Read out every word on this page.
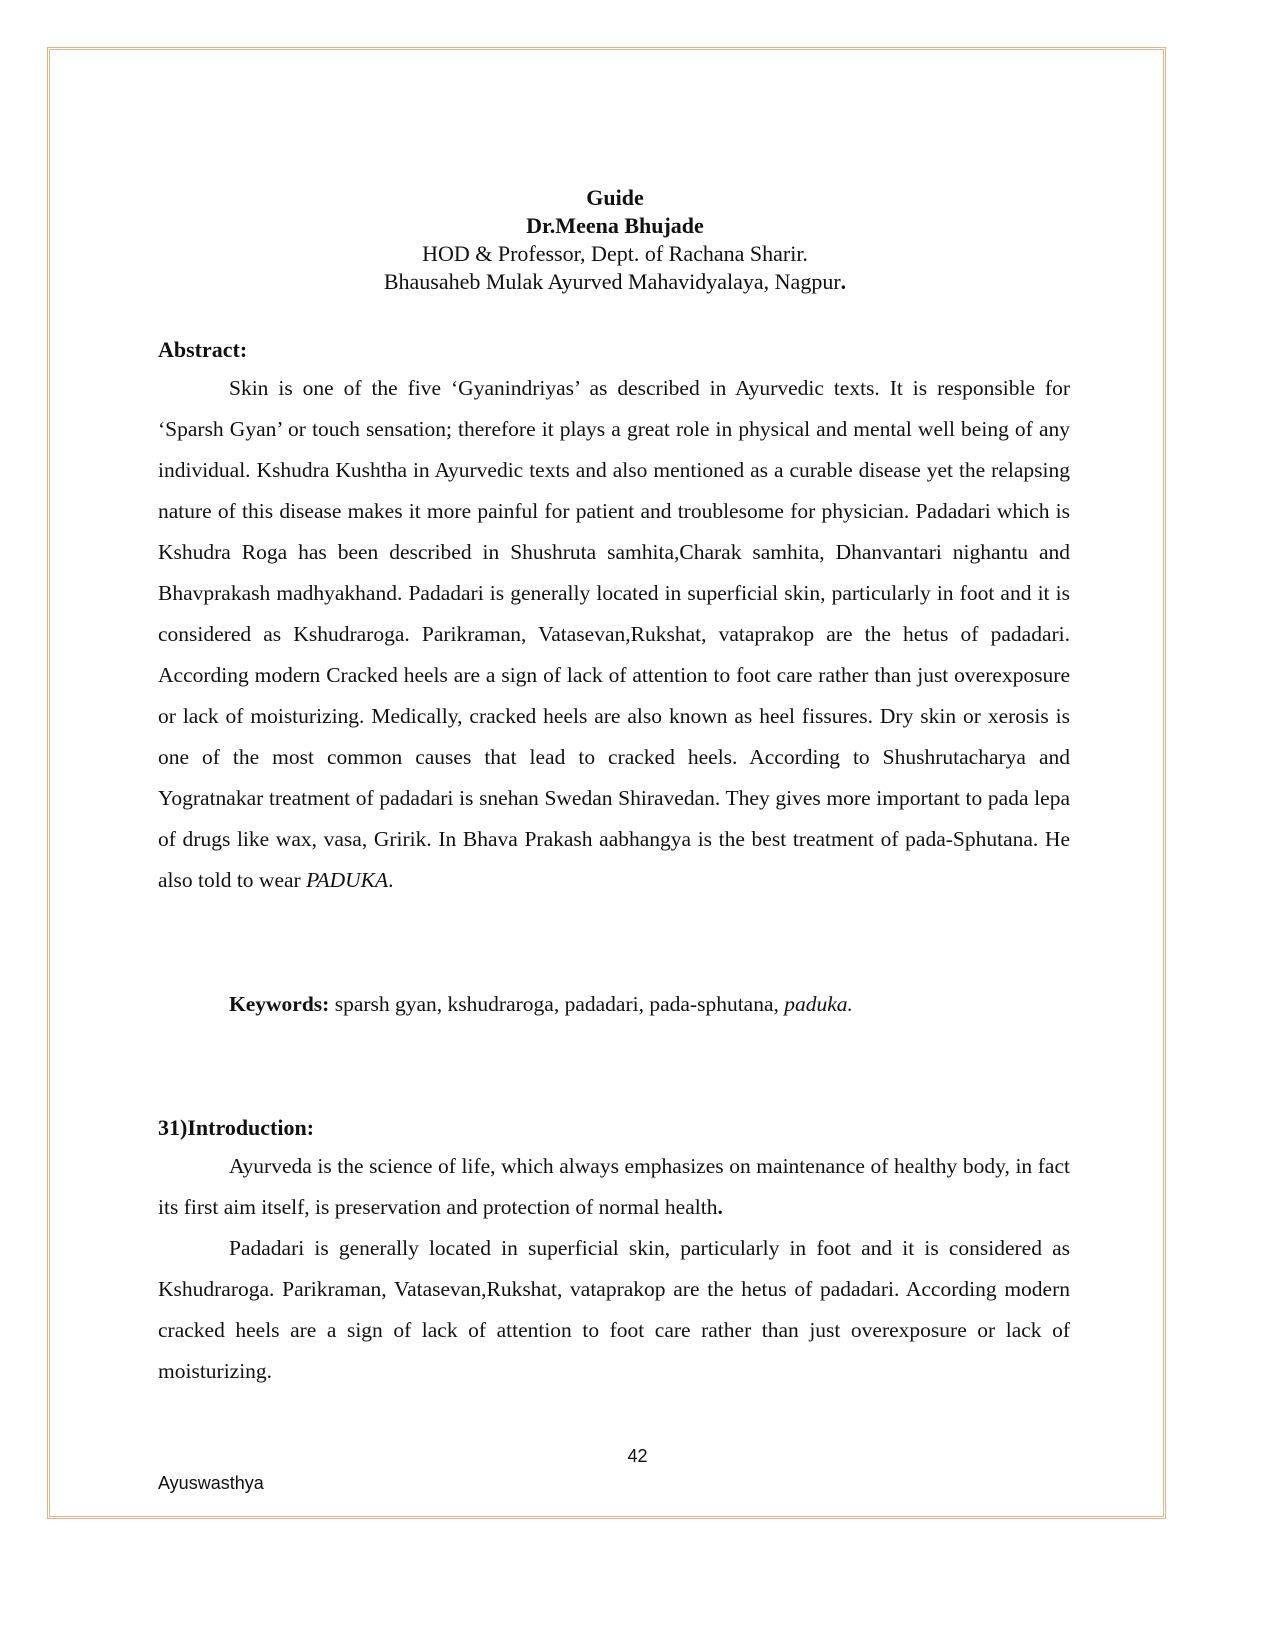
Guide
Dr.Meena Bhujade
HOD & Professor, Dept. of Rachana Sharir.
Bhausaheb Mulak Ayurved Mahavidyalaya, Nagpur.
Abstract:

Skin is one of the five ‘Gyanindriyas’ as described in Ayurvedic texts. It is responsible for ‘Sparsh Gyan’ or touch sensation; therefore it plays a great role in physical and mental well being of any individual. Kshudra Kushtha in Ayurvedic texts and also mentioned as a curable disease yet the relapsing nature of this disease makes it more painful for patient and troublesome for physician. Padadari which is Kshudra Roga has been described in Shushruta samhita,Charak samhita, Dhanvantari nighantu and Bhavprakash madhyakhand. Padadari is generally located in superficial skin, particularly in foot and it is considered as Kshudraroga. Parikraman, Vatasevan,Rukshat, vataprakop are the hetus of padadari. According modern Cracked heels are a sign of lack of attention to foot care rather than just overexposure or lack of moisturizing. Medically, cracked heels are also known as heel fissures. Dry skin or xerosis is one of the most common causes that lead to cracked heels. According to Shushrutacharya and Yogratnakar treatment of padadari is snehan Swedan Shiravedan. They gives more important to pada lepa of drugs like wax, vasa, Gririk. In Bhava Prakash aabhangya is the best treatment of pada-Sphutana. He also told to wear PADUKA.

Keywords: sparsh gyan, kshudraroga, padadari, pada-sphutana, paduka.
31)Introduction:

Ayurveda is the science of life, which always emphasizes on maintenance of healthy body, in fact its first aim itself, is preservation and protection of normal health.

Padadari is generally located in superficial skin, particularly in foot and it is considered as Kshudraroga. Parikraman, Vatasevan,Rukshat, vataprakop are the hetus of padadari. According modern cracked heels are a sign of lack of attention to foot care rather than just overexposure or lack of moisturizing.

42
Ayuswasthya
